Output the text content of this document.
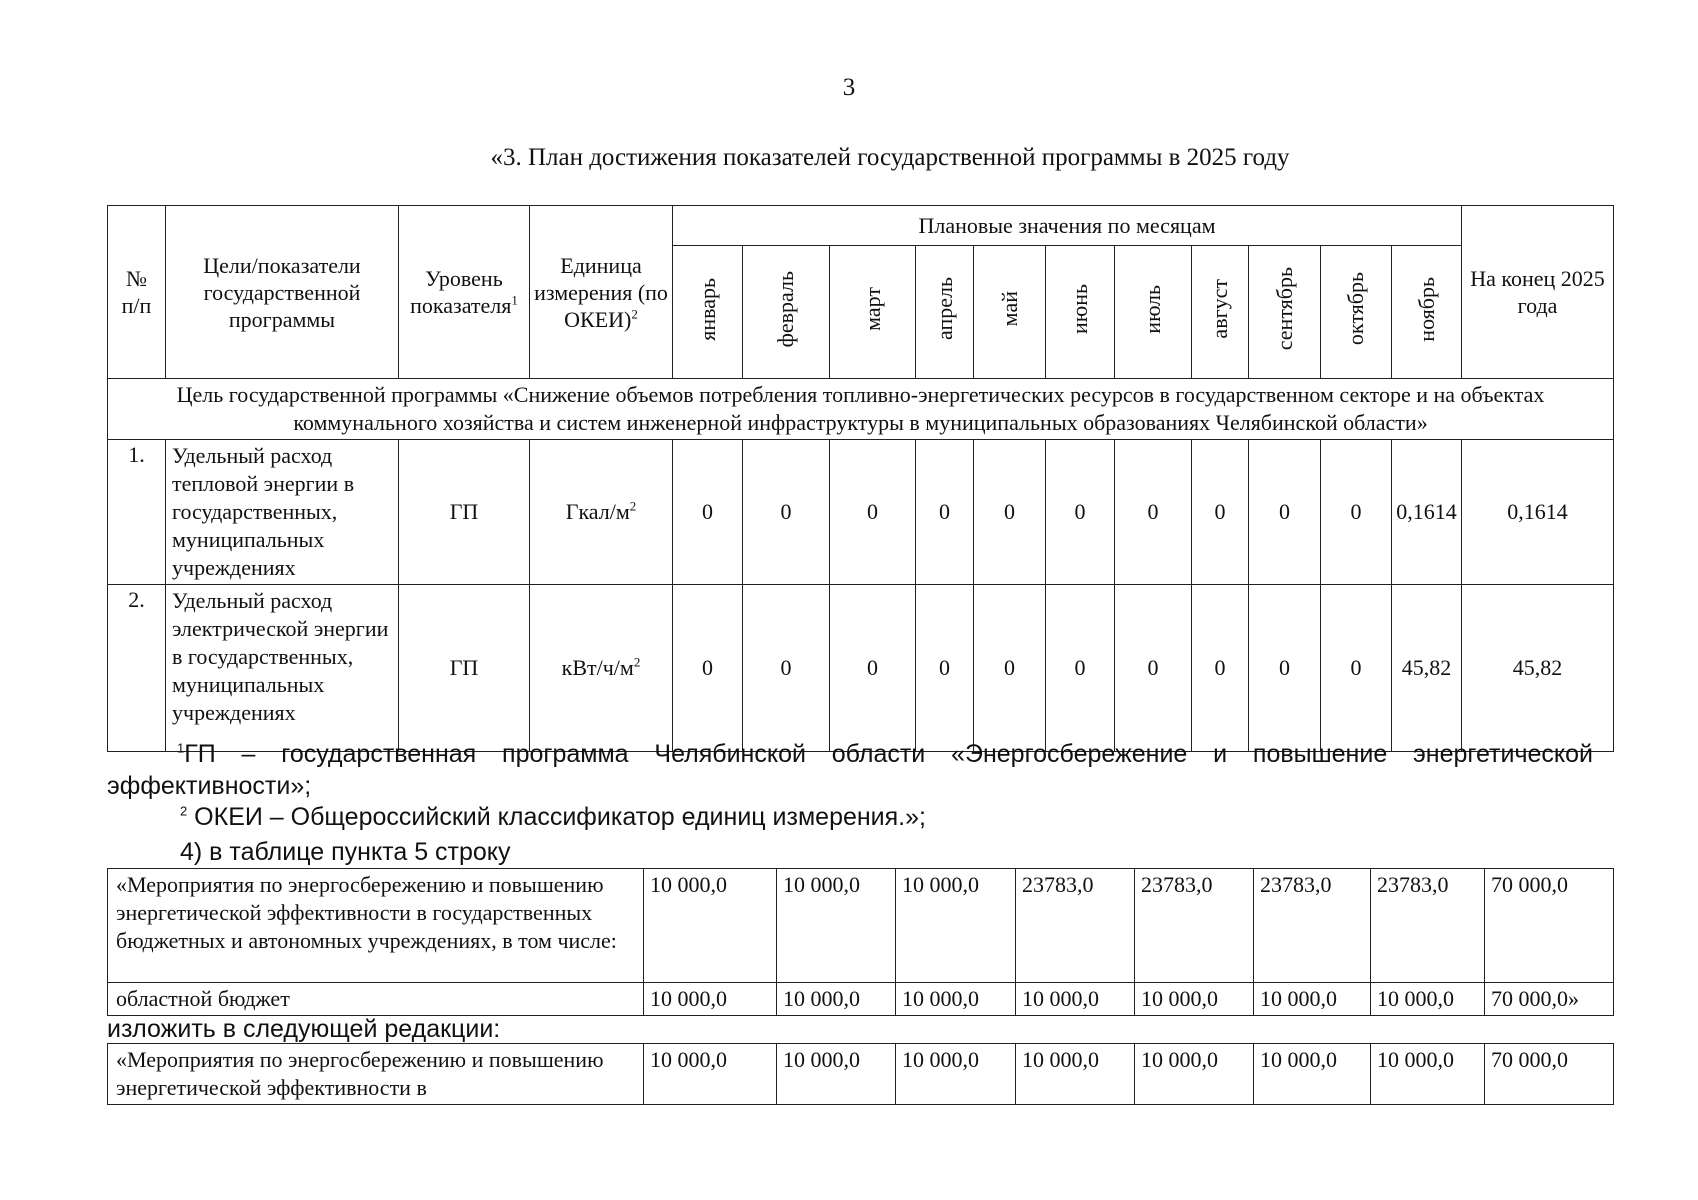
3
«3. План достижения показателей государственной программы в 2025 году
№
п/п	Цели/показатели государственной программы	Уровень показателя$^1$	Единица измерения (по ОКЕИ)$^2$	Плановые значения по месяцам											На конец 2025 года
				январь	февраль	март	апрель	май	июнь	июль	август	сентябрь	октябрь	ноябрь	
Цель государственной программы «Снижение объемов потребления топливно-энергетических ресурсов в государственном секторе и на объектах коммунального хозяйства и систем инженерной инфраструктуры в муниципальных образованиях Челябинской области»															
1.	Удельный расход тепловой энергии в государственных, муниципальных учреждениях	ГП	Гкал/$м^2$	0	0	0	0	0	0	0	0	0	0	0,1614	0,1614
2.	Удельный расход электрической энергии в государственных, муниципальных учреждениях	ГП	кВт/$ч/м^2$	0	0	0	0	0	0	0	0	0	0	45,82	45,82
$^1$ГП – государственная программа Челябинской области «Энергосбережение и повышение энергетической
эффективности»;
$^2$ ОКЕИ – Общероссийский классификатор единиц измерения.»;
4) в таблице пункта 5 строку
«Мероприятия по энергосбережению и повышению энергетической эффективности в государственных бюджетных и автономных учреждениях, в том числе:	10 000,0	10 000,0	10 000,0	23783,0	23783,0	23783,0	23783,0	70 000,0
областной бюджет	10 000,0	10 000,0	10 000,0	10 000,0	10 000,0	10 000,0	10 000,0	70 000,0»
изложить в следующей редакции:
«Мероприятия по энергосбережению и повышению энергетической эффективности в	10 000,0	10 000,0	10 000,0	10 000,0	10 000,0	10 000,0	10 000,0	70 000,0
